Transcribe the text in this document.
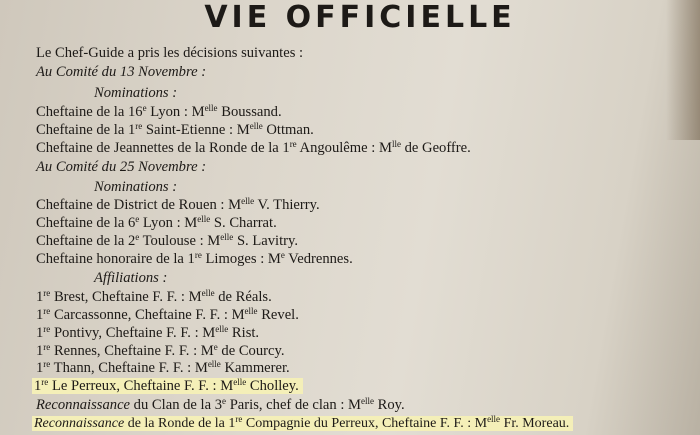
VIE OFFICIELLE
Le Chef-Guide a pris les décisions suivantes :
Au Comité du 13 Novembre :
Nominations :
Cheftaine de la 16e Lyon : $M^{elle}$ Boussand.
Cheftaine de la 1re Saint-Etienne : $M^{elle}$ Ottman.
Cheftaine de Jeannettes de la Ronde de la 1re Angoulême : $M^{lle}$ de Geoffre.
Au Comité du 25 Novembre :
Nominations :
Cheftaine de District de Rouen : $M^{elle}$ V. Thierry.
Cheftaine de la 6e Lyon : $M^{elle}$ S. Charrat.
Cheftaine de la 2e Toulouse : $M^{elle}$ S. Lavitry.
Cheftaine honoraire de la 1re Limoges : Me Vedrennes.
Affiliations :
1re Brest, Cheftaine F. F. : $M^{elle}$ de Réals.
1re Carcassonne, Cheftaine F. F. : $M^{elle}$ Revel.
1re Pontivy, Cheftaine F. F. : $M^{elle}$ Rist.
1re Rennes, Cheftaine F. F. : Me de Courcy.
1re Thann, Cheftaine F. F. : $M^{elle}$ Kammerer.
1re Le Perreux, Cheftaine F. F. : $M^{elle}$ Cholley.
Reconnaissance du Clan de la 3e Paris, chef de clan : $M^{elle}$ Roy.
Reconnaissance de la Ronde de la 1re Compagnie du Perreux, Cheftaine F. F. : $M^{elle}$ Fr. Moreau.
